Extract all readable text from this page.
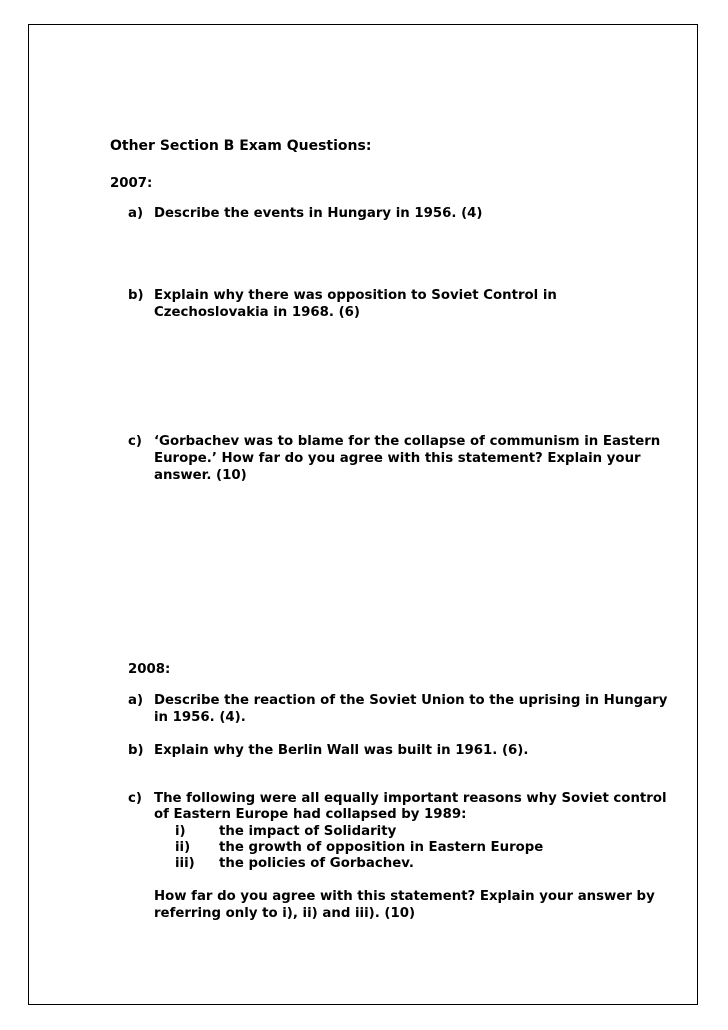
Other Section B Exam Questions:
2007:
a) Describe the events in Hungary in 1956. (4)
b) Explain why there was opposition to Soviet Control in
Czechoslovakia in 1968. (6)
c) ‘Gorbachev was to blame for the collapse of communism in Eastern
Europe.’ How far do you agree with this statement? Explain your
answer. (10)
2008:
a) Describe the reaction of the Soviet Union to the uprising in Hungary
in 1956. (4).
b) Explain why the Berlin Wall was built in 1961. (6).
c) The following were all equally important reasons why Soviet control
of Eastern Europe had collapsed by 1989:
i)	the impact of Solidarity
ii) the growth of opposition in Eastern Europe
iii) the policies of Gorbachev.
How far do you agree with this statement? Explain your answer by
referring only to i), ii) and iii). (10)
